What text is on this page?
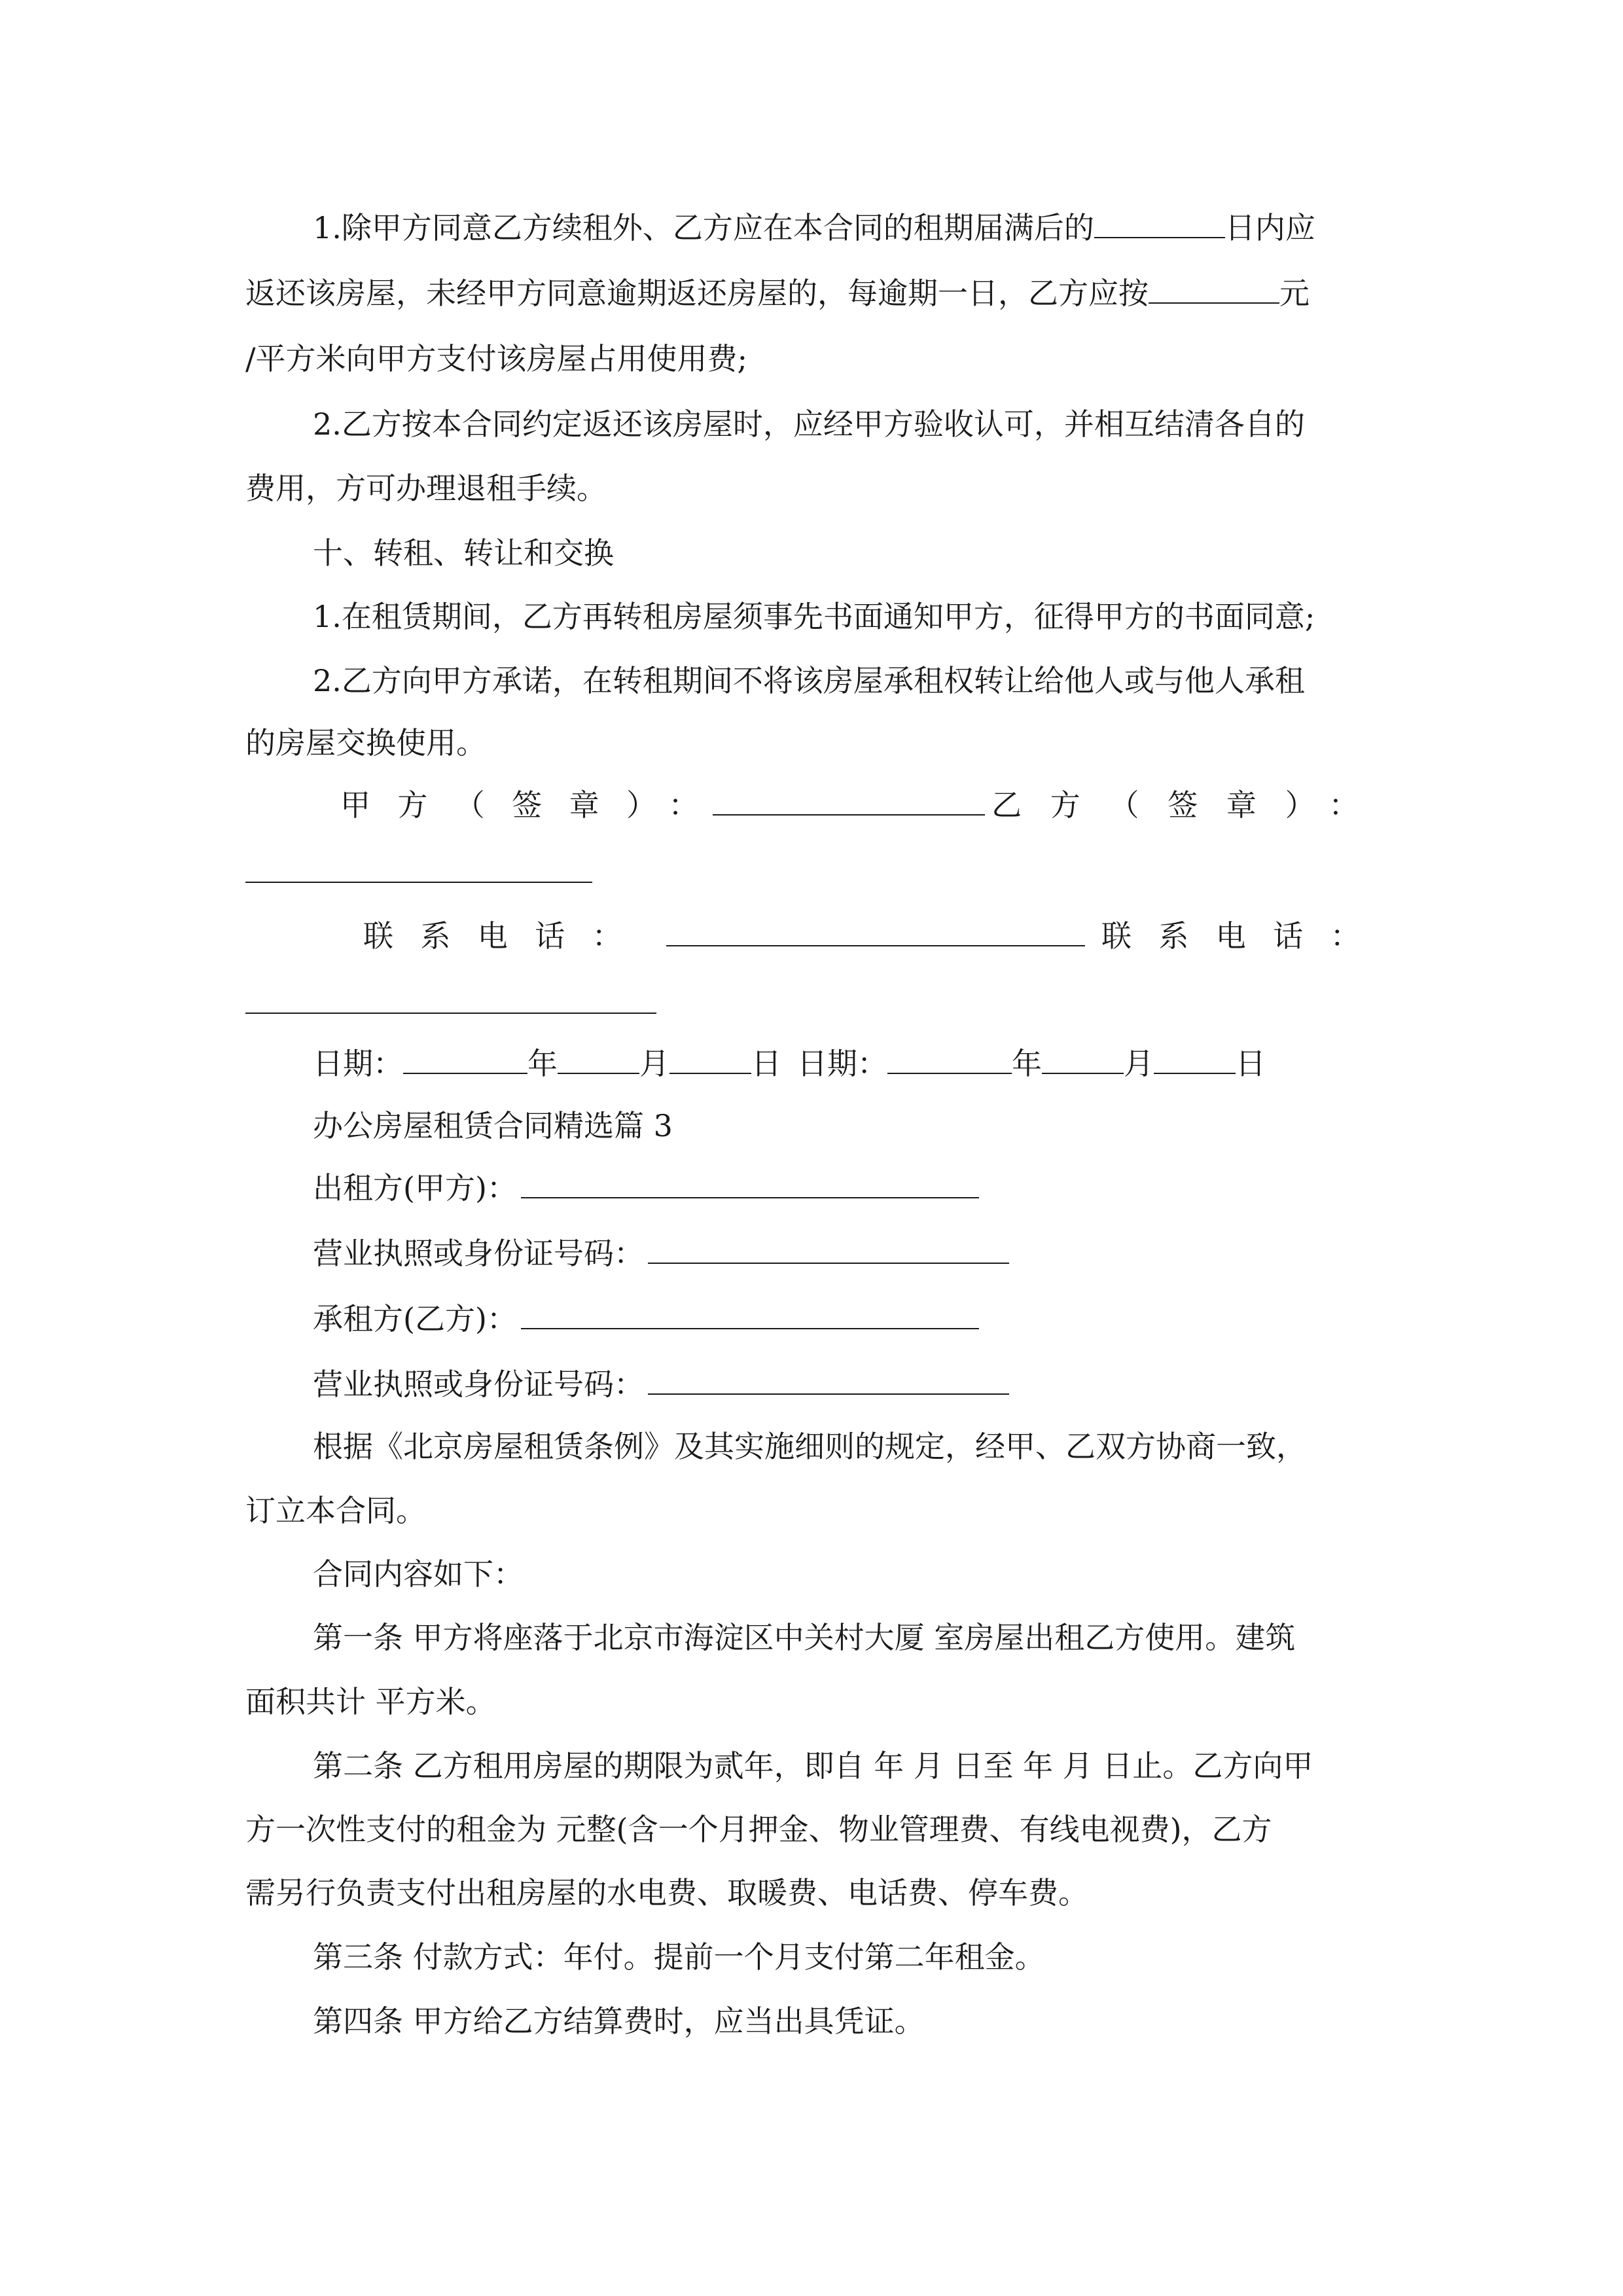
1.除甲方同意乙方续租外、乙方应在本合同的租期届满后的	日内应
返还该房屋，未经甲方同意逾期返还房屋的，每逾期一日，乙方应按	元
/平方米向甲方支付该房屋占用使用费;
2.乙方按本合同约定返还该房屋时，应经甲方验收认可，并相互结清各自的
费用，方可办理退租手续。
十、转租、转让和交换
1.在租赁期间，乙方再转租房屋须事先书面通知甲方，征得甲方的书面同意;
2.乙方向甲方承诺，在转租期间不将该房屋承租权转让给他人或与他人承租
的房屋交换使用。
甲方（签章）：	乙方（签章）：
联系电话：	联系电话：
日期：	年	月	日 日期：	年	月	日
办公房屋租赁合同精选篇 3
出租方(甲方)：
营业执照或身份证号码：
承租方(乙方)：
营业执照或身份证号码：
根据《北京房屋租赁条例》及其实施细则的规定，经甲、乙双方协商一致，
订立本合同。
合同内容如下：
第一条 甲方将座落于北京市海淀区中关村大厦 室房屋出租乙方使用。建筑
面积共计 平方米。
第二条 乙方租用房屋的期限为贰年，即自 年 月 日至 年 月 日止。乙方向甲
方一次性支付的租金为 元整(含一个月押金、物业管理费、有线电视费)，乙方
需另行负责支付出租房屋的水电费、取暖费、电话费、停车费。
第三条 付款方式：年付。提前一个月支付第二年租金。
第四条 甲方给乙方结算费时，应当出具凭证。
